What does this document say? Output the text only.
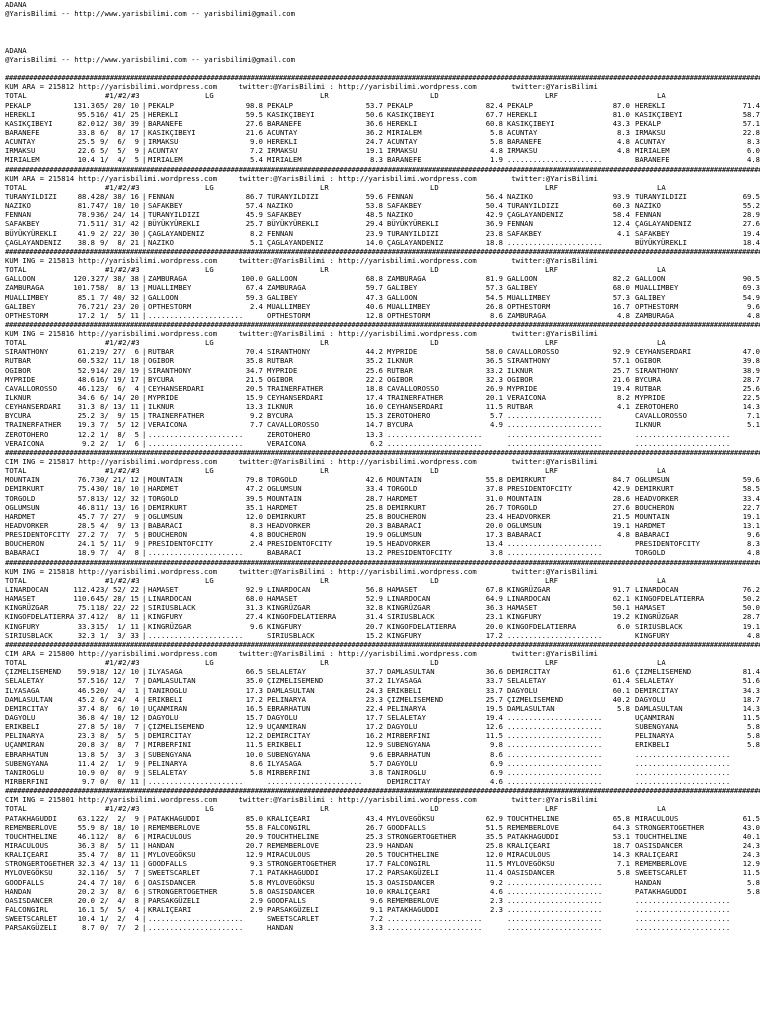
ADANA
@YarisBilimi -- http://www.yarisbilimi.com -- yarisbilimi@gmail.com
ADANA
@YarisBilimi -- http://www.yarisbilimi.com -- yarisbilimi@gmail.com
####################################################################################################################################################################################################
KUM ARA = 215812 http://yarisbilimi.wordpress.com     twitter:@YarisBilimi : http://yarisbilimi.wordpress.com        twitter:@YarisBilimi
TOTAL	#1/#2/#3	LG	LR	LD	LRF	LA
PEKALP	131.3 65/ 20/ 10 | PEKALP	98.8 PEKALP	53.7 PEKALP	82.4 PEKALP	87.0 HEREKLI	71.4
HEREKLI	95.5 16/ 41/ 25 | HEREKLI	59.5 KASIKÇIBEYI	50.6 KASIKÇIBEYI	67.7 HEREKLI	81.0 KASIKÇIBEYI	58.7
KASIKÇIBEYI	82.0 12/ 30/ 39 | BARANEFE	27.6 BARANEFE	36.6 HEREKLI	60.8 KASIKÇIBEYI	43.3 PEKALP	57.1
BARANEFE	33.8 6/  8/ 17 | KASIKÇIBEYI	21.6 ACUNTAY	36.2 MIRIALEM	5.8 ACUNTAY	8.3 IRMAKSU	22.8
ACUNTAY	25.5 9/  6/  9 | IRMAKSU	9.0 HEREKLI	24.7 ACUNTAY	5.8 BARANEFE	4.8 ACUNTAY	8.3
IRMAKSU	22.6 5/  5/  9 | ACUNTAY	7.2 IRMAKSU	19.1 IRMAKSU	4.8 IRMAKSU	4.8 MIRIALEM	6.0
MIRIALEM	10.4 1/  4/  5 | MIRIALEM	5.4 MIRIALEM	8.3 BARANEFE	1.9 ......................	BARANEFE	4.8
####################################################################################################################################################################################################
KUM ARA = 215814 http://yarisbilimi.wordpress.com     twitter:@YarisBilimi : http://yarisbilimi.wordpress.com        twitter:@YarisBilimi
TOTAL	#1/#2/#3	LG	LR	LD	LRF	LA
TURANYILDIZI	88.4 28/ 38/ 16 | FENNAN	86.7 TURANYILDIZI	59.6 FENNAN	56.4 NAZIKO	93.9 TURANYILDIZI	69.5
NAZIKO	81.7 47/ 10/ 10 | SAFAKBEY	57.4 NAZIKO	53.8 SAFAKBEY	50.4 TURANYILDIZI	60.3 NAZIKO	55.2
FENNAN	78.9 36/ 24/ 14 | TURANYILDIZI	45.9 SAFAKBEY	48.5 NAZIKO	42.9 ÇAGLAYANDENIZ	58.4 FENNAN	28.9
SAFAKBEY	71.5 11/ 31/ 42 | BÜYÜKYÜREKLI	25.7 BÜYÜKYÜREKLI	29.4 BÜYÜKYÜREKLI	36.9 FENNAN	12.4 ÇAGLAYANDENIZ	27.6
BÜYÜKYÜREKLI	41.9 2/ 22/ 30 | ÇAGLAYANDENIZ	8.2 FENNAN	23.9 TURANYILDIZI	23.8 SAFAKBEY	4.1 SAFAKBEY	19.4
ÇAGLAYANDENIZ 38.8 9/  8/ 21 | NAZIKO	5.1 ÇAGLAYANDENIZ	14.0 ÇAGLAYANDENIZ	18.8 ......................	BÜYÜKYÜREKLI	18.4
####################################################################################################################################################################################################
KUM ING = 215813 http://yarisbilimi.wordpress.com     twitter:@YarisBilimi : http://yarisbilimi.wordpress.com        twitter:@YarisBilimi
TOTAL	#1/#2/#3	LG	LR	LD	LRF	LA
GALLOON	120.3 27/ 38/ 38 | ZAMBURAGA	100.0 GALLOON	68.8 ZAMBURAGA	81.9 GALLOON	82.2 GALLOON	90.5
ZAMBURAGA	101.7 58/  8/ 13 | MUALLIMBEY	67.4 ZAMBURAGA	59.7 GALIBEY	57.3 GALIBEY	68.0 MUALLIMBEY	69.3
MUALLIMBEY	85.1 7/ 40/ 32 | GALLOON	59.3 GALIBEY	47.3 GALLOON	54.5 MUALLIMBEY	57.3 GALIBEY	54.9
GALIBEY	76.7 21/ 23/ 20 | OPTHESTORM	2.4 MUALLIMBEY	40.6 MUALLIMBEY	26.8 OPTHESTORM	16.7 OPTHESTORM	9.6
OPTHESTORM	17.2 1/  5/ 11 | ......................	OPTHESTORM	12.8 OPTHESTORM	8.6 ZAMBURAGA	4.8 ZAMBURAGA	4.8
####################################################################################################################################################################################################
KUM ING = 215816 http://yarisbilimi.wordpress.com     twitter:@YarisBilimi : http://yarisbilimi.wordpress.com        twitter:@YarisBilimi
TOTAL	#1/#2/#3	LG	LR	LD	LRF	LA
SIRANTHONY	61.2 19/ 27/  6 | RUTBAR	70.4 SIRANTHONY	44.2 MYPRIDE	58.0 CAVALLOROSSO	92.9 CEYHANSERDARI	47.0
RUTBAR	60.5 32/ 11/ 18 | OGIBOR	35.8 RUTBAR	35.2 ILKNUR	36.5 SIRANTHONY	57.1 OGIBOR	39.8
OGIBOR	52.9 14/ 20/ 19 | SIRANTHONY	34.7 MYPRIDE	25.6 RUTBAR	33.2 ILKNUR	25.7 SIRANTHONY	38.9
MYPRIDE	48.6 16/ 19/ 17 | BYCURA	21.5 OGIBOR	22.2 OGIBOR	32.3 OGIBOR	21.6 BYCURA	28.7
CAVALLOROSSO	46.1 23/  6/  4 | CEYHANSERDARI	20.5 TRAINERFATHER	18.8 CAVALLOROSSO	26.9 MYPRIDE	19.4 RUTBAR	25.6
ILKNUR	34.6 6/ 14/ 20 | MYPRIDE	15.9 CEYHANSERDARI	17.4 TRAINERFATHER	20.1 VERAICONA	8.2 MYPRIDE	22.5
CEYHANSERDARI 31.3 8/ 13/ 11 | ILKNUR	13.3 ILKNUR	16.0 CEYHANSERDARI	11.5 RUTBAR	4.1 ZEROTOHERO	14.3
BYCURA	25.2 3/  9/ 15 | TRAINERFATHER	9.2 BYCURA	15.3 ZEROTOHERO	5.7 ......................	CAVALLOROSSO	7.1
TRAINERFATHER 19.3 7/  5/ 12 | VERAICONA	7.7 CAVALLOROSSO	14.7 BYCURA	4.9 ......................	ILKNUR	5.1
ZEROTOHERO	12.2 1/  8/  5 | ......................	ZEROTOHERO	13.3 ......................	......................	......................
VERAICONA	9.2 2/  1/  6 | ......................	VERAICONA	6.2 ......................	......................	......................
####################################################################################################################################################################################################
CIM ING = 215817 http://yarisbilimi.wordpress.com     twitter:@YarisBilimi : http://yarisbilimi.wordpress.com        twitter:@YarisBilimi
TOTAL	#1/#2/#3	LG	LR	LD	LRF	LA
MOUNTAIN	76.7 30/ 21/ 12 | MOUNTAIN	79.8 TORGOLD	42.6 MOUNTAIN	55.8 DEMIRKURT	84.7 OGLUMSUN	59.6
DEMIRKURT	75.4 30/ 10/ 10 | HARDMET	47.2 OGLUMSUN	33.4 TORGOLD	37.8 PRESIDENTOFCITY	42.9 DEMIRKURT	58.5
TORGOLD	57.8 13/ 12/ 32 | TORGOLD	39.5 MOUNTAIN	28.7 HARDMET	31.0 MOUNTAIN	28.6 HEADVORKER	33.4
OGLUMSUN	46.8 11/ 13/ 16 | DEMIRKURT	35.1 HARDMET	25.8 DEMIRKURT	26.7 TORGOLD	27.6 BOUCHERON	22.7
HARDMET	45.7 7/ 27/  9 | OGLUMSUN	12.0 DEMIRKURT	25.8 BOUCHERON	23.4 HEADVORKER	21.5 MOUNTAIN	19.1
HEADVORKER	28.5 4/  9/ 13 | BABARACI	8.3 HEADVORKER	20.3 BABARACI	20.0 OGLUMSUN	19.1 HARDMET	13.1
PRESIDENTOFCITY 27.2 7/  7/  5 | BOUCHERON	4.8 BOUCHERON	19.9 OGLUMSUN	17.3 BABARACI	4.8 BABARACI	9.6
BOUCHERON	24.1 5/ 11/  9 | PRESIDENTOFCITY	2.4 PRESIDENTOFCITY	19.5 HEADVORKER	13.4 ......................	PRESIDENTOFCITY	8.3
BABARACI	18.9 7/  4/  8 | ......................	BABARACI	13.2 PRESIDENTOFCITY	3.8 ......................	TORGOLD	4.8
####################################################################################################################################################################################################
KUM ING = 215818 http://yarisbilimi.wordpress.com     twitter:@YarisBilimi : http://yarisbilimi.wordpress.com        twitter:@YarisBilimi
TOTAL	#1/#2/#3	LG	LR	LD	LRF	LA
LINARDOCAN	112.4 23/ 52/ 22 | HAMASET	92.9 LINARDOCAN	56.8 HAMASET	67.8 KINGRÜZGAR	91.7 LINARDOCAN	76.2
HAMASET	110.6 45/ 28/ 15 | LINARDOCAN	68.0 HAMASET	52.9 LINARDOCAN	64.9 LINARDOCAN	62.1 KINGOFDELATIERRA	50.2
KINGRÜZGAR	75.1 18/ 22/ 22 | SIRIUSBLACK	31.3 KINGRÜZGAR	32.8 KINGRÜZGAR	36.3 HAMASET	50.1 HAMASET	50.0
KINGOFDELATIERRA 37.4 12/  8/ 11 | KINGFURY	27.4 KINGOFDELATIERRA	31.4 SIRIUSBLACK	23.1 KINGFURY	19.2 KINGRÜZGAR	28.7
KINGFURY	33.3 15/  1/ 11 | KINGRÜZGAR	9.6 KINGFURY	20.7 KINGOFDELATIERRA	20.0 KINGOFDELATIERRA	6.0 SIRIUSBLACK	19.1
SIRIUSBLACK	32.3 1/  3/ 33 | ......................	SIRIUSBLACK	15.2 KINGFURY	17.2 ......................	KINGFURY	4.8
####################################################################################################################################################################################################
CIM ARA = 215800 http://yarisbilimi.wordpress.com     twitter:@YarisBilimi : http://yarisbilimi.wordpress.com        twitter:@YarisBilimi
TOTAL	#1/#2/#3	LG	LR	LD	LRF	LA
ÇIZMELISEMEND 59.9 18/ 12/ 10 | ILYASAGA	66.5 SELALETAY	37.7 DAMLASULTAN	36.6 DEMIRCITAY	61.6 ÇIZMELISEMEND	81.4
SELALETAY	57.5 16/ 12/  7 | DAMLASULTAN	35.0 ÇIZMELISEMEND	37.2 ILYASAGA	33.7 SELALETAY	61.4 SELALETAY	51.6
ILYASAGA	46.5 20/  4/  1 | TANIROGLU	17.3 DAMLASULTAN	24.3 ERIKBELI	33.7 DAGYOLU	60.1 DEMIRCITAY	34.3
DAMLASULTAN	45.2 6/ 24/  4 | ERIKBELI	17.2 PELINARYA	23.3 ÇIZMELISEMEND	25.7 ÇIZMELISEMEND	40.2 DAGYOLU	18.7
DEMIRCITAY	37.4 8/  6/ 10 | UÇANMIRAN	16.5 EBRARHATUN	22.4 PELINARYA	19.5 DAMLASULTAN	5.8 DAMLASULTAN	14.3
DAGYOLU	36.8 4/ 10/ 12 | DAGYOLU	15.7 DAGYOLU	17.7 SELALETAY	19.4 ......................	UÇANMIRAN	11.5
ERIKBELI	27.8 5/ 10/  7 | ÇIZMELISEMEND	12.9 UÇANMIRAN	17.2 DAGYOLU	12.6 ......................	SUBENGYANA	5.8
PELINARYA	23.3 8/  5/  5 | DEMIRCITAY	12.2 DEMIRCITAY	16.2 MIRBERFINI	11.5 ......................	PELINARYA	5.8
UÇANMIRAN	20.8 3/  8/  7 | MIRBERFINI	11.5 ERIKBELI	12.9 SUBENGYANA	9.8 ......................	ERIKBELI	5.8
EBRARHATUN	13.8 5/  3/  3 | SUBENGYANA	10.0 SUBENGYANA	9.6 EBRARHATUN	8.6 ......................	......................
SUBENGYANA	11.4 2/  1/  9 | PELINARYA	8.6 ILYASAGA	5.7 DAGYOLU	6.9 ......................	......................
TANIROGLU	10.9 0/  0/  9 | SELALETAY	5.8 MIRBERFINI	3.8 TANIROGLU	6.9 ......................	......................
MIRBERFINI	9.7 0/  0/ 11 | ......................	......................	DEMIRCITAY	4.6 ......................	......................
####################################################################################################################################################################################################
CIM ING = 215801 http://yarisbilimi.wordpress.com     twitter:@YarisBilimi : http://yarisbilimi.wordpress.com        twitter:@YarisBilimi
TOTAL	#1/#2/#3	LG	LR	LD	LRF	LA
PATAKHAGUDDI	63.1 22/  2/  9 | PATAKHAGUDDI	85.0 KRALIÇEARI	43.4 MYLOVEGÖKSU	62.9 TOUCHTHELINE	65.8 MIRACULOUS	61.5
REMEMBERLOVE	55.9 8/ 18/ 10 | REMEMBERLOVE	55.8 FALCONGIRL	26.7 GOODFALLS	51.5 REMEMBERLOVE	64.3 STRONGERTOGETHER	43.0
TOUCHTHELINE	46.1 12/  8/  6 | MIRACULOUS	20.9 TOUCHTHELINE	25.3 STRONGERTOGETHER	35.5 PATAKHAGUDDI	53.1 TOUCHTHELINE	40.1
MIRACULOUS	36.3 8/  5/ 11 | HANDAN	20.7 REMEMBERLOVE	23.9 HANDAN	25.8 KRALIÇEARI	18.7 OASISDANCER	24.3
KRALIÇEARI	35.4 7/  8/ 11 | MYLOVEGÖKSU	12.9 MIRACULOUS	20.5 TOUCHTHELINE	12.0 MIRACULOUS	14.3 KRALIÇEARI	24.3
STRONGERTOGETHER 32.3 4/ 13/ 11 | GOODFALLS	9.3 STRONGERTOGETHER	17.7 FALCONGIRL	11.5 MYLOVEGÖKSU	7.1 REMEMBERLOVE	12.9
MYLOVEGÖKSU	32.1 16/  5/  7 | SWEETSCARLET	7.1 PATAKHAGUDDI	17.2 PARSAKGÜZELI	11.4 OASISDANCER	5.8 SWEETSCARLET	11.5
GOODFALLS	24.4 7/ 10/  6 | OASISDANCER	5.8 MYLOVEGÖKSU	15.3 OASISDANCER	9.2 ......................	HANDAN	5.8
HANDAN	20.2 3/  8/  6 | STRONGERTOGETHER	5.8 OASISDANCER	10.0 KRALIÇEARI	4.6 ......................	PATAKHAGUDDI	5.8
OASISDANCER	20.0 2/  4/  8 | PARSAKGÜZELI	2.9 GOODFALLS	9.6 REMEMBERLOVE	2.3 ......................	......................
FALCONGIRL	16.1 5/  5/  4 | KRALIÇEARI	2.9 PARSAKGÜZELI	9.1 PATAKHAGUDDI	2.3 ......................	......................
SWEETSCARLET	10.4 1/  2/  4 | ......................	SWEETSCARLET	7.2 ......................	......................	......................
PARSAKGÜZELI	8.7 0/  7/  2 | ......................	HANDAN	3.3 ......................	......................	......................
